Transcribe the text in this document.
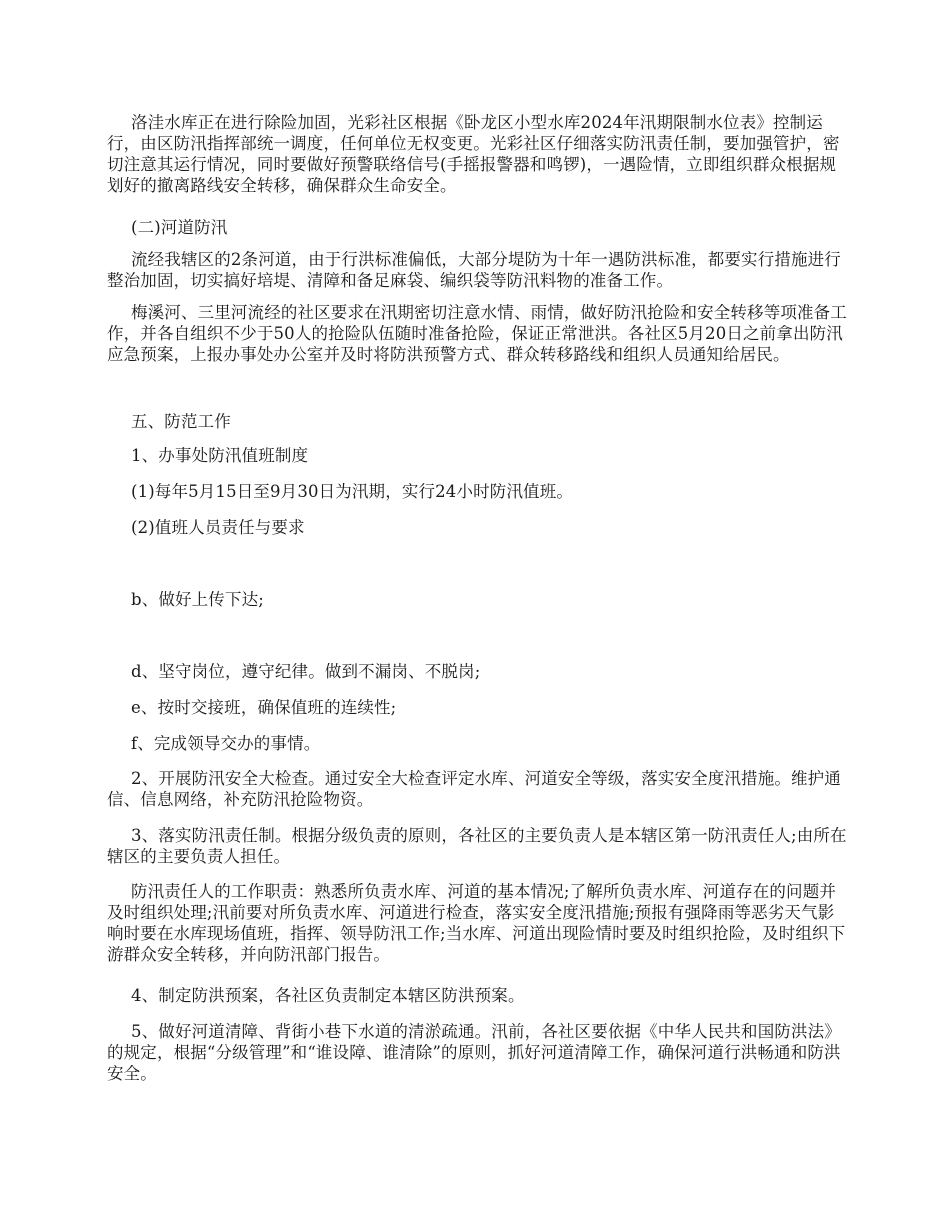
洛洼水库正在进行除险加固，光彩社区根据《卧龙区小型水库2024年汛期限制水位表》控制运行，由区防汛指挥部统一调度，任何单位无权变更。光彩社区仔细落实防汛责任制，要加强管护，密切注意其运行情况，同时要做好预警联络信号(手摇报警器和鸣锣)，一遇险情，立即组织群众根据规划好的撤离路线安全转移，确保群众生命安全。

(二)河道防汛

流经我辖区的2条河道，由于行洪标准偏低，大部分堤防为十年一遇防洪标准，都要实行措施进行整治加固，切实搞好培堤、清障和备足麻袋、编织袋等防汛料物的准备工作。

梅溪河、三里河流经的社区要求在汛期密切注意水情、雨情，做好防汛抢险和安全转移等项准备工作，并各自组织不少于50人的抢险队伍随时准备抢险，保证正常泄洪。各社区5月20日之前拿出防汛应急预案，上报办事处办公室并及时将防洪预警方式、群众转移路线和组织人员通知给居民。

五、防范工作

1、办事处防汛值班制度

(1)每年5月15日至9月30日为汛期，实行24小时防汛值班。

(2)值班人员责任与要求

b、做好上传下达;

d、坚守岗位，遵守纪律。做到不漏岗、不脱岗;

e、按时交接班，确保值班的连续性;

f、完成领导交办的事情。

2、开展防汛安全大检查。通过安全大检查评定水库、河道安全等级，落实安全度汛措施。维护通信、信息网络，补充防汛抢险物资。

3、落实防汛责任制。根据分级负责的原则，各社区的主要负责人是本辖区第一防汛责任人;由所在辖区的主要负责人担任。

防汛责任人的工作职责：熟悉所负责水库、河道的基本情况;了解所负责水库、河道存在的问题并及时组织处理;汛前要对所负责水库、河道进行检查，落实安全度汛措施;预报有强降雨等恶劣天气影响时要在水库现场值班，指挥、领导防汛工作;当水库、河道出现险情时要及时组织抢险，及时组织下游群众安全转移，并向防汛部门报告。

4、制定防洪预案，各社区负责制定本辖区防洪预案。

5、做好河道清障、背街小巷下水道的清淤疏通。汛前，各社区要依据《中华人民共和国防洪法》的规定，根据“分级管理”和“谁设障、谁清除”的原则，抓好河道清障工作，确保河道行洪畅通和防洪安全。
